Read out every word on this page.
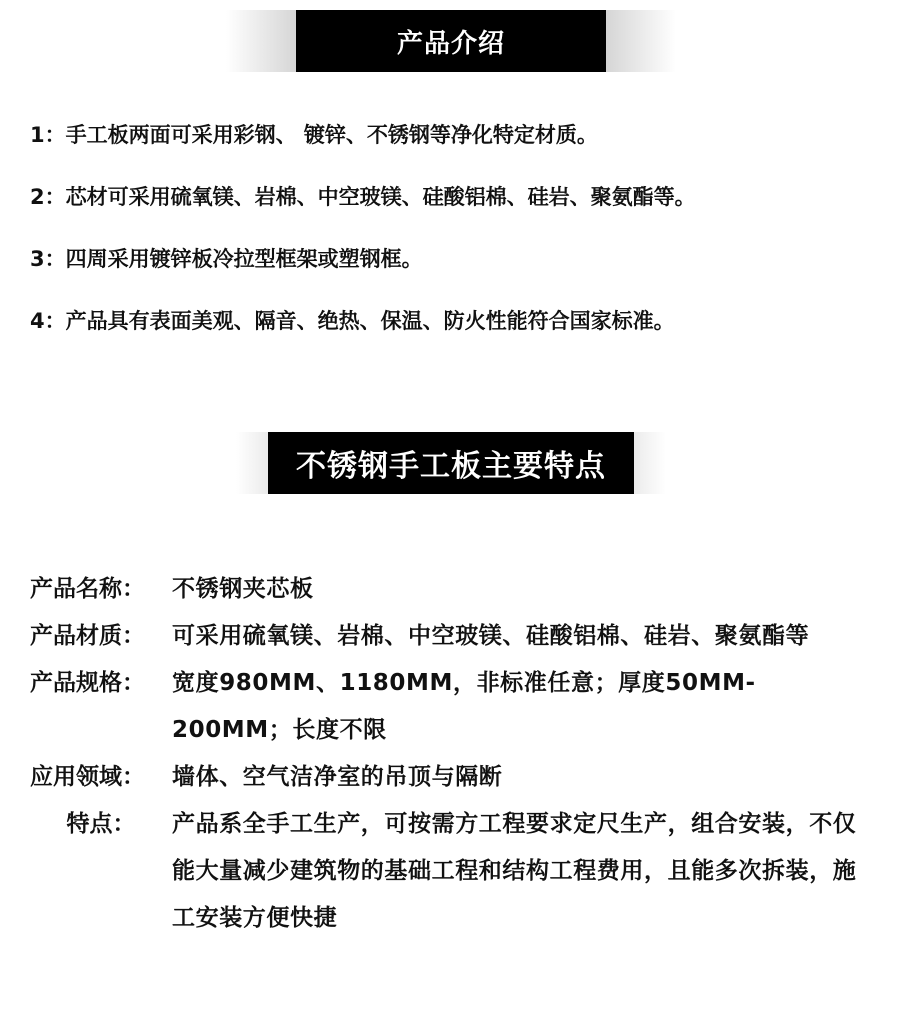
产品介绍
1：手工板两面可采用彩钢、 镀锌、不锈钢等净化特定材质。
2：芯材可采用硫氧镁、岩棉、中空玻镁、硅酸铝棉、硅岩、聚氨酯等。
3：四周采用镀锌板冷拉型框架或塑钢框。
4：产品具有表面美观、隔音、绝热、保温、防火性能符合国家标准。
不锈钢手工板主要特点
产品名称：	不锈钢夹芯板
产品材质：	可采用硫氧镁、岩棉、中空玻镁、硅酸铝棉、硅岩、聚氨酯等
产品规格：	宽度980MM、1180MM，非标准任意；厚度50MM-200MM；长度不限
应用领域：	墙体、空气洁净室的吊顶与隔断
特点：	产品系全手工生产，可按需方工程要求定尺生产，组合安装，不仅能大量减少建筑物的基础工程和结构工程费用，且能多次拆装，施工安装方便快捷
